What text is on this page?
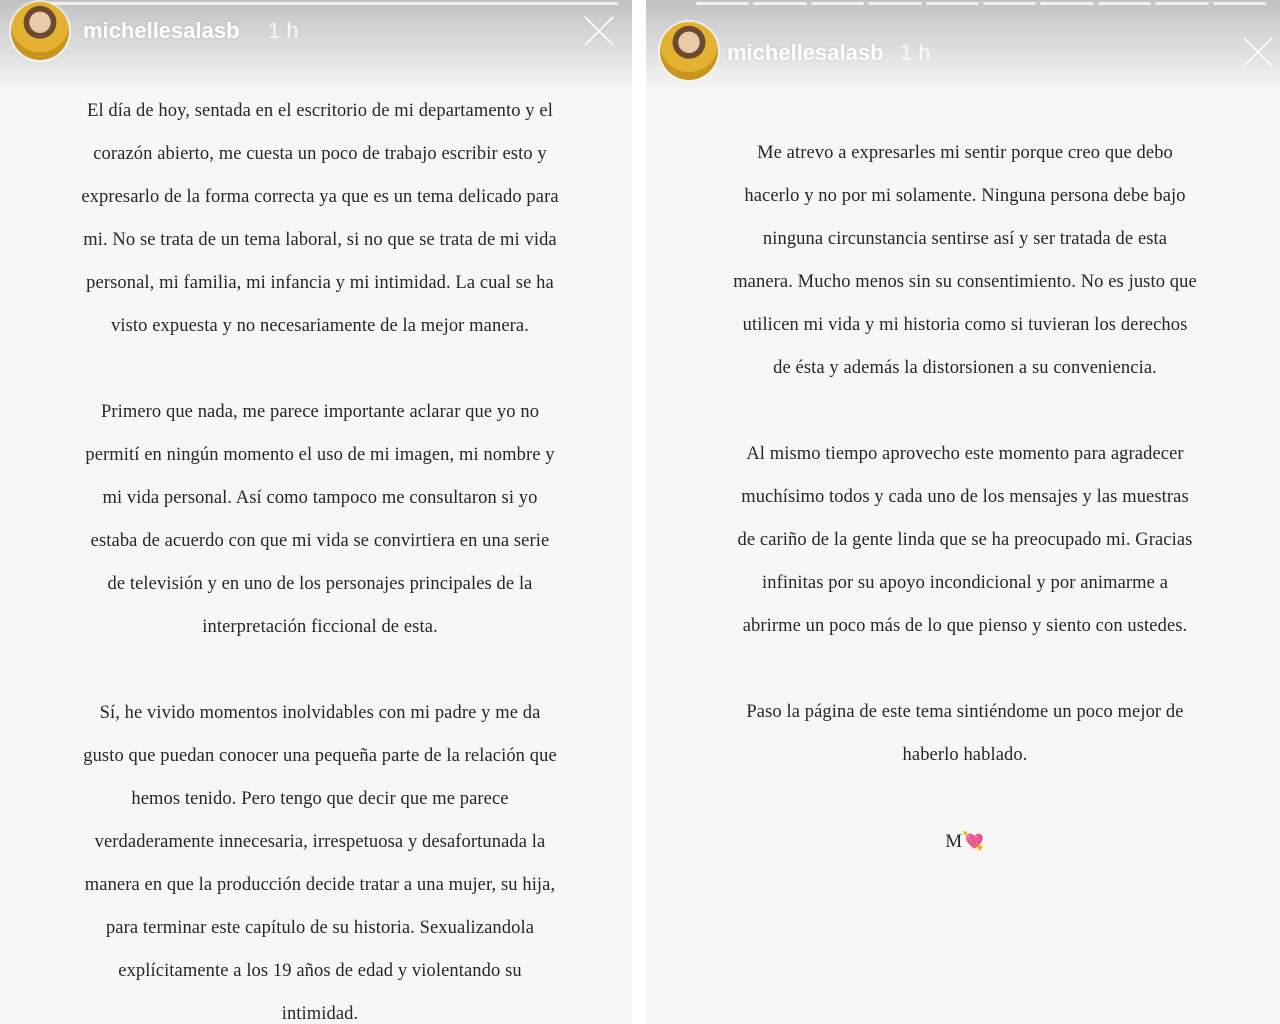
michellesalasb 1 h
El día de hoy, sentada en el escritorio de mi departamento y el
corazón abierto, me cuesta un poco de trabajo escribir esto y
expresarlo de la forma correcta ya que es un tema delicado para
mi. No se trata de un tema laboral, si no que se trata de mi vida
personal, mi familia, mi infancia y mi intimidad. La cual se ha
visto expuesta y no necesariamente de la mejor manera.
Primero que nada, me parece importante aclarar que yo no
permití en ningún momento el uso de mi imagen, mi nombre y
mi vida personal. Así como tampoco me consultaron si yo
estaba de acuerdo con que mi vida se convirtiera en una serie
de televisión y en uno de los personajes principales de la
interpretación ficcional de esta.
Sí, he vivido momentos inolvidables con mi padre y me da
gusto que puedan conocer una pequeña parte de la relación que
hemos tenido. Pero tengo que decir que me parece
verdaderamente innecesaria, irrespetuosa y desafortunada la
manera en que la producción decide tratar a una mujer, su hija,
para terminar este capítulo de su historia. Sexualizandola
explícitamente a los 19 años de edad y violentando su
intimidad.
michellesalasb 1 h
Me atrevo a expresarles mi sentir porque creo que debo
hacerlo y no por mi solamente. Ninguna persona debe bajo
ninguna circunstancia sentirse así y ser tratada de esta
manera. Mucho menos sin su consentimiento. No es justo que
utilicen mi vida y mi historia como si tuvieran los derechos
de ésta y además la distorsionen a su conveniencia.
Al mismo tiempo aprovecho este momento para agradecer
muchísimo todos y cada uno de los mensajes y las muestras
de cariño de la gente linda que se ha preocupado mi. Gracias
infinitas por su apoyo incondicional y por animarme a
abrirme un poco más de lo que pienso y siento con ustedes.
Paso la página de este tema sintiéndome un poco mejor de
haberlo hablado.
M💘
